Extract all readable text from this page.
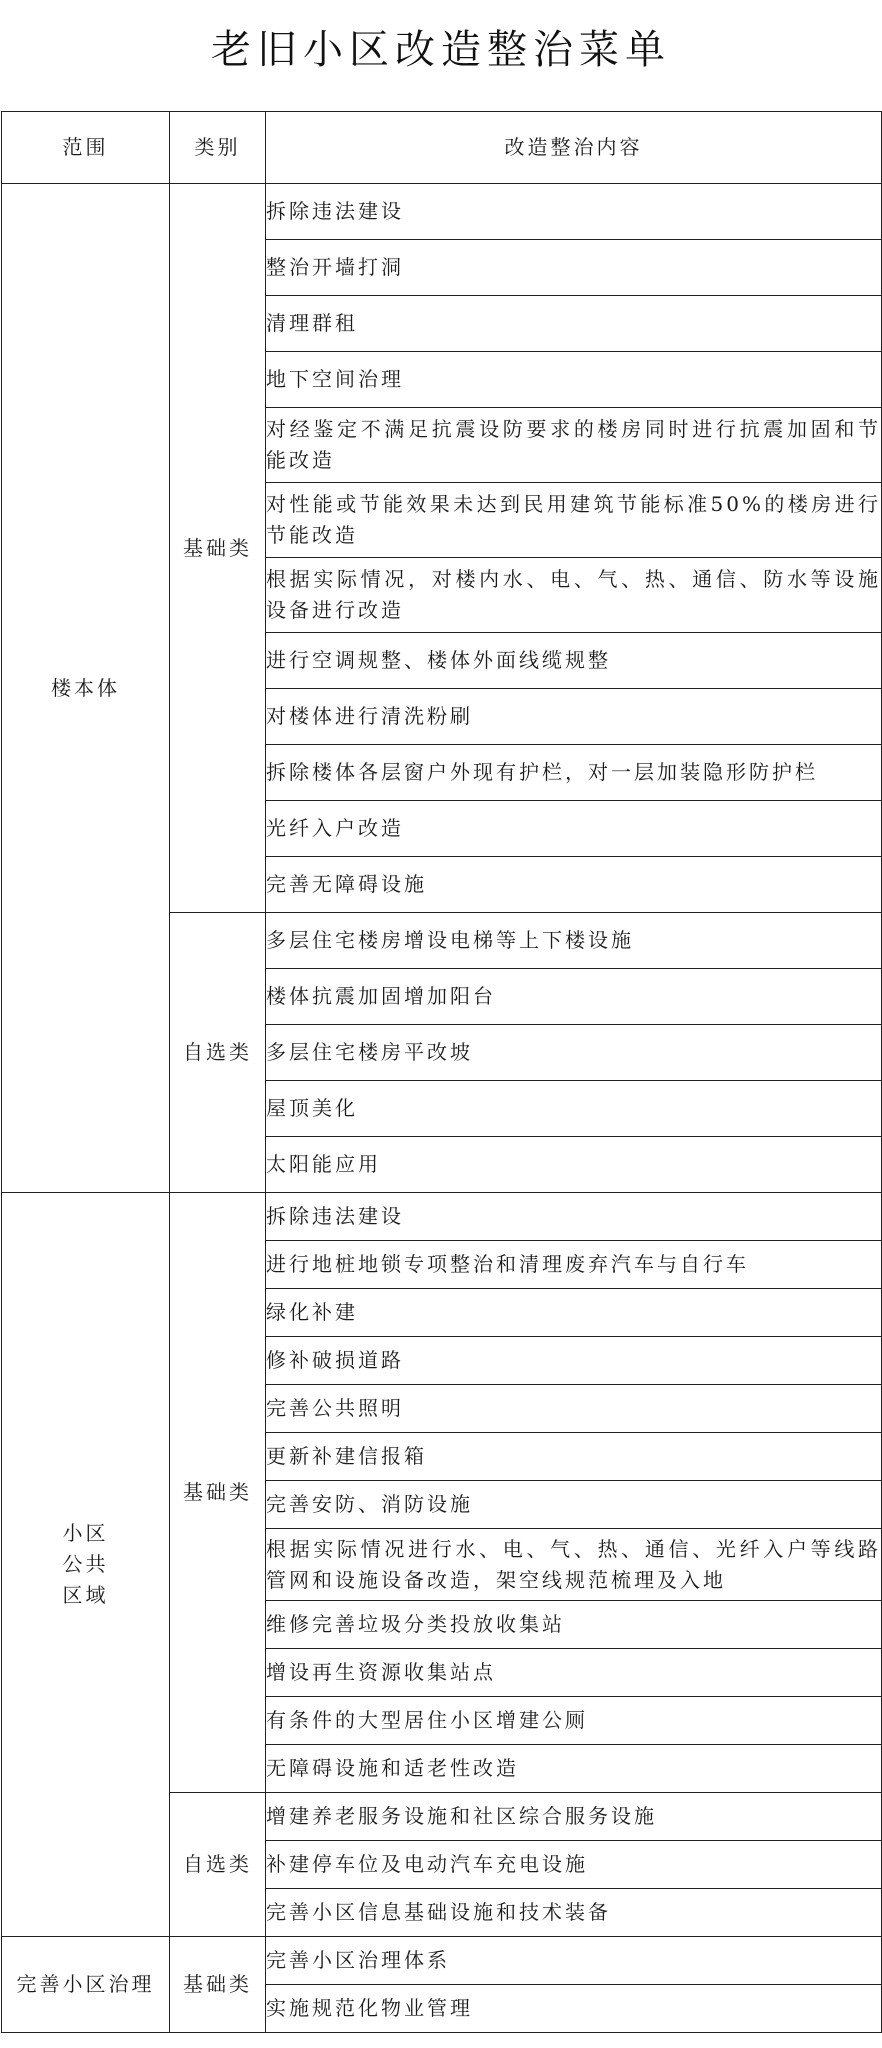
老旧小区改造整治菜单
范围	类别	改造整治内容

楼本体	基础类	拆除违法建设
		整治开墙打洞
		清理群租
		地下空间治理
		对经鉴定不满足抗震设防要求的楼房同时进行抗震加固和节能改造
		对性能或节能效果未达到民用建筑节能标准50%的楼房进行节能改造
		根据实际情况，对楼内水、电、气、热、通信、防水等设施设备进行改造
		进行空调规整、楼体外面线缆规整
		对楼体进行清洗粉刷
		拆除楼体各层窗户外现有护栏，对一层加装隐形防护栏
		光纤入户改造
		完善无障碍设施
	自选类	多层住宅楼房增设电梯等上下楼设施
		楼体抗震加固增加阳台
		多层住宅楼房平改坡
		屋顶美化
		太阳能应用

小区
公共
区域	基础类	拆除违法建设
		进行地桩地锁专项整治和清理废弃汽车与自行车
		绿化补建
		修补破损道路
		完善公共照明
		更新补建信报箱
		完善安防、消防设施
		根据实际情况进行水、电、气、热、通信、光纤入户等线路管网和设施设备改造，架空线规范梳理及入地
		维修完善垃圾分类投放收集站
		增设再生资源收集站点
		有条件的大型居住小区增建公厕
		无障碍设施和适老性改造
	自选类	增建养老服务设施和社区综合服务设施
		补建停车位及电动汽车充电设施
		完善小区信息基础设施和技术装备

完善小区治理	基础类	完善小区治理体系
		实施规范化物业管理
